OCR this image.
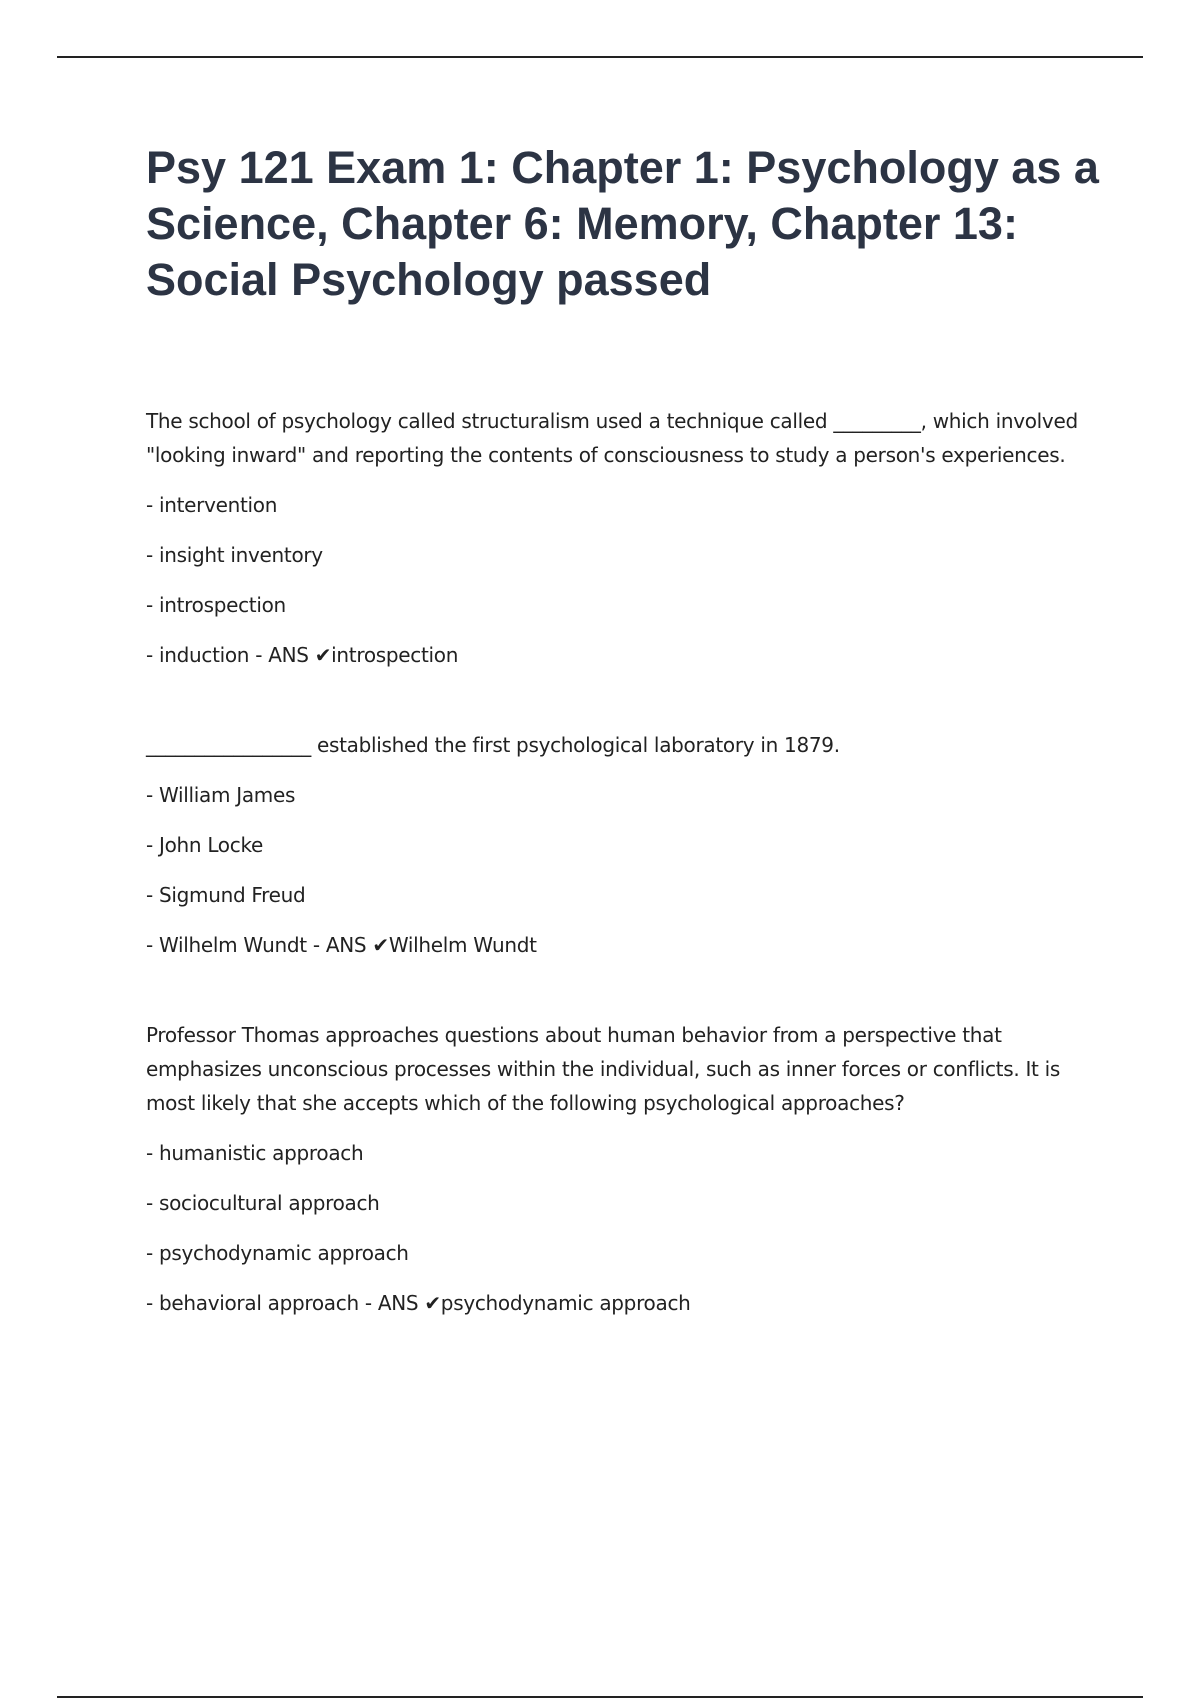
Psy 121 Exam 1: Chapter 1: Psychology as a Science, Chapter 6: Memory, Chapter 13: Social Psychology passed

The school of psychology called structuralism used a technique called _________, which involved "looking inward" and reporting the contents of consciousness to study a person's experiences.

- intervention
- insight inventory
- introspection
- induction - ANS ✔introspection

_________________ established the first psychological laboratory in 1879.

- William James
- John Locke
- Sigmund Freud
- Wilhelm Wundt - ANS ✔Wilhelm Wundt

Professor Thomas approaches questions about human behavior from a perspective that emphasizes unconscious processes within the individual, such as inner forces or conflicts. It is most likely that she accepts which of the following psychological approaches?

- humanistic approach
- sociocultural approach
- psychodynamic approach
- behavioral approach - ANS ✔psychodynamic approach
